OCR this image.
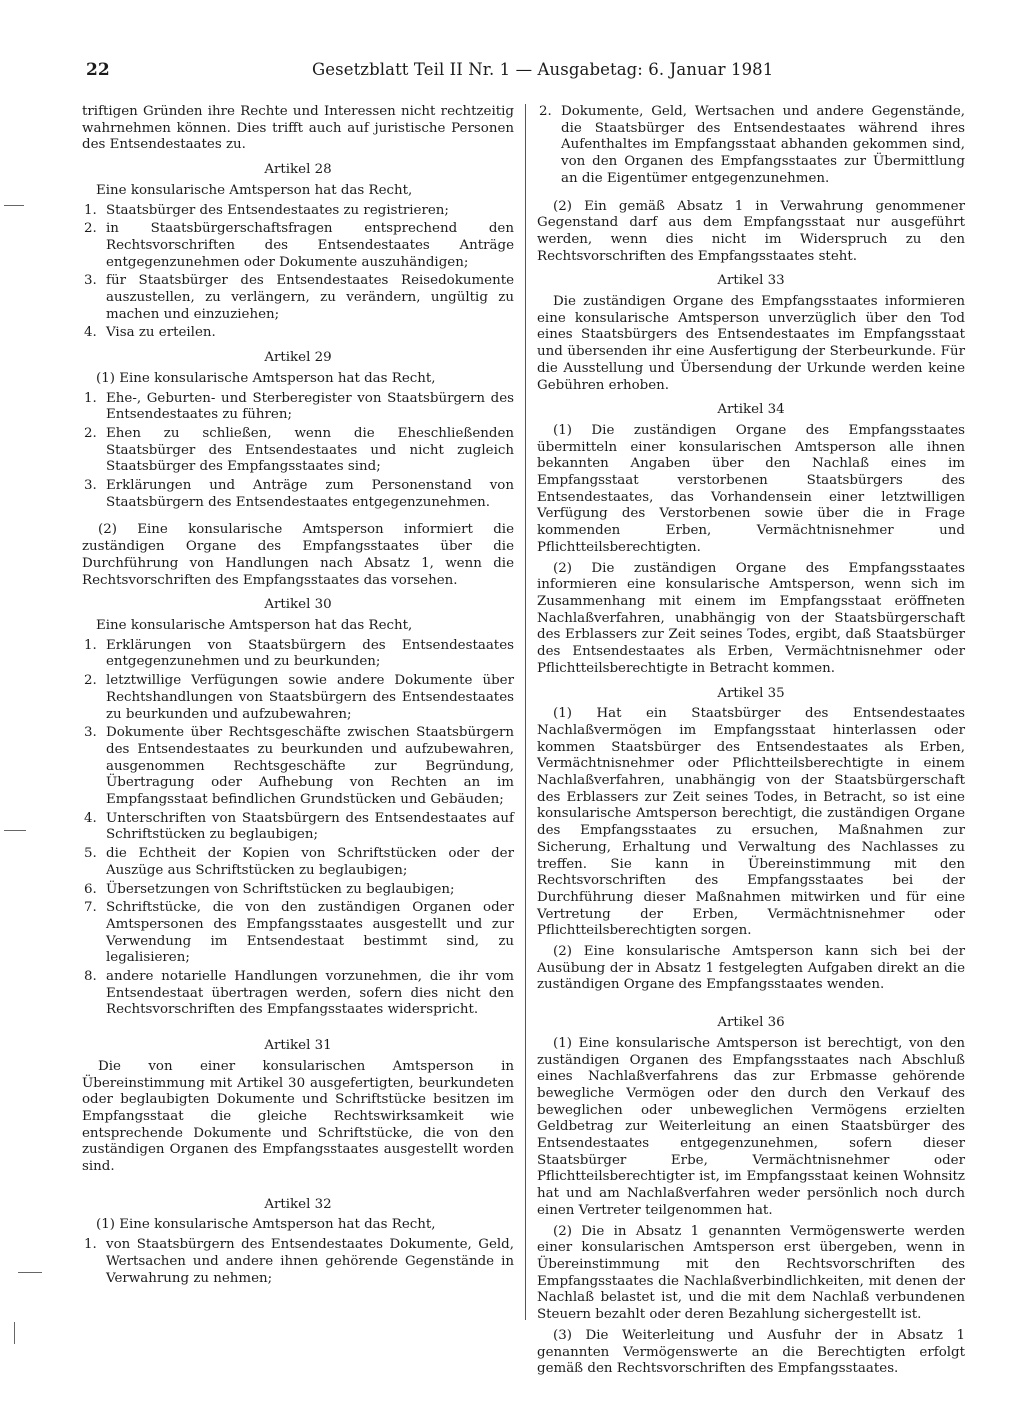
22	Gesetzblatt Teil II Nr. 1 — Ausgabetag: 6. Januar 1981

triftigen Gründen ihre Rechte und Interessen nicht rechtzeitig wahrnehmen können. Dies trifft auch auf juristische Personen des Entsendestaates zu.

Artikel 28

Eine konsularische Amtsperson hat das Recht,

1. Staatsbürger des Entsendestaates zu registrieren;
2. in Staatsbürgerschaftsfragen entsprechend den Rechtsvorschriften des Entsendestaates Anträge entgegenzunehmen oder Dokumente auszuhändigen;
3. für Staatsbürger des Entsendestaates Reisedokumente auszustellen, zu verlängern, zu verändern, ungültig zu machen und einzuziehen;
4. Visa zu erteilen.

Artikel 29

(1) Eine konsularische Amtsperson hat das Recht,

1. Ehe-, Geburten- und Sterberegister von Staatsbürgern des Entsendestaates zu führen;
2. Ehen zu schließen, wenn die Eheschließenden Staatsbürger des Entsendestaates und nicht zugleich Staatsbürger des Empfangsstaates sind;
3. Erklärungen und Anträge zum Personenstand von Staatsbürgern des Entsendestaates entgegenzunehmen.

(2) Eine konsularische Amtsperson informiert die zuständigen Organe des Empfangsstaates über die Durchführung von Handlungen nach Absatz 1, wenn die Rechtsvorschriften des Empfangsstaates das vorsehen.

Artikel 30

Eine konsularische Amtsperson hat das Recht,

1. Erklärungen von Staatsbürgern des Entsendestaates entgegenzunehmen und zu beurkunden;
2. letztwillige Verfügungen sowie andere Dokumente über Rechtshandlungen von Staatsbürgern des Entsendestaates zu beurkunden und aufzubewahren;
3. Dokumente über Rechtsgeschäfte zwischen Staatsbürgern des Entsendestaates zu beurkunden und aufzubewahren, ausgenommen Rechtsgeschäfte zur Begründung, Übertragung oder Aufhebung von Rechten an im Empfangsstaat befindlichen Grundstücken und Gebäuden;
4. Unterschriften von Staatsbürgern des Entsendestaates auf Schriftstücken zu beglaubigen;
5. die Echtheit der Kopien von Schriftstücken oder der Auszüge aus Schriftstücken zu beglaubigen;
6. Übersetzungen von Schriftstücken zu beglaubigen;
7. Schriftstücke, die von den zuständigen Organen oder Amtspersonen des Empfangsstaates ausgestellt und zur Verwendung im Entsendestaat bestimmt sind, zu legalisieren;
8. andere notarielle Handlungen vorzunehmen, die ihr vom Entsendestaat übertragen werden, sofern dies nicht den Rechtsvorschriften des Empfangsstaates widerspricht.

Artikel 31

Die von einer konsularischen Amtsperson in Übereinstimmung mit Artikel 30 ausgefertigten, beurkundeten oder beglaubigten Dokumente und Schriftstücke besitzen im Empfangsstaat die gleiche Rechtswirksamkeit wie entsprechende Dokumente und Schriftstücke, die von den zuständigen Organen des Empfangsstaates ausgestellt worden sind.

Artikel 32

(1) Eine konsularische Amtsperson hat das Recht,

1. von Staatsbürgern des Entsendestaates Dokumente, Geld, Wertsachen und andere ihnen gehörende Gegenstände in Verwahrung zu nehmen;
2. Dokumente, Geld, Wertsachen und andere Gegenstände, die Staatsbürger des Entsendestaates während ihres Aufenthaltes im Empfangsstaat abhanden gekommen sind, von den Organen des Empfangsstaates zur Übermittlung an die Eigentümer entgegenzunehmen.

(2) Ein gemäß Absatz 1 in Verwahrung genommener Gegenstand darf aus dem Empfangsstaat nur ausgeführt werden, wenn dies nicht im Widerspruch zu den Rechtsvorschriften des Empfangsstaates steht.

Artikel 33

Die zuständigen Organe des Empfangsstaates informieren eine konsularische Amtsperson unverzüglich über den Tod eines Staatsbürgers des Entsendestaates im Empfangsstaat und übersenden ihr eine Ausfertigung der Sterbeurkunde. Für die Ausstellung und Übersendung der Urkunde werden keine Gebühren erhoben.

Artikel 34

(1) Die zuständigen Organe des Empfangsstaates übermitteln einer konsularischen Amtsperson alle ihnen bekannten Angaben über den Nachlaß eines im Empfangsstaat verstorbenen Staatsbürgers des Entsendestaates, das Vorhandensein einer letztwilligen Verfügung des Verstorbenen sowie über die in Frage kommenden Erben, Vermächtnisnehmer und Pflichtteilsberechtigten.

(2) Die zuständigen Organe des Empfangsstaates informieren eine konsularische Amtsperson, wenn sich im Zusammenhang mit einem im Empfangsstaat eröffneten Nachlaßverfahren, unabhängig von der Staatsbürgerschaft des Erblassers zur Zeit seines Todes, ergibt, daß Staatsbürger des Entsendestaates als Erben, Vermächtnisnehmer oder Pflichtteilsberechtigte in Betracht kommen.

Artikel 35

(1) Hat ein Staatsbürger des Entsendestaates Nachlaßvermögen im Empfangsstaat hinterlassen oder kommen Staatsbürger des Entsendestaates als Erben, Vermächtnisnehmer oder Pflichtteilsberechtigte in einem Nachlaßverfahren, unabhängig von der Staatsbürgerschaft des Erblassers zur Zeit seines Todes, in Betracht, so ist eine konsularische Amtsperson berechtigt, die zuständigen Organe des Empfangsstaates zu ersuchen, Maßnahmen zur Sicherung, Erhaltung und Verwaltung des Nachlasses zu treffen. Sie kann in Übereinstimmung mit den Rechtsvorschriften des Empfangsstaates bei der Durchführung dieser Maßnahmen mitwirken und für eine Vertretung der Erben, Vermächtnisnehmer oder Pflichtteilsberechtigten sorgen.

(2) Eine konsularische Amtsperson kann sich bei der Ausübung der in Absatz 1 festgelegten Aufgaben direkt an die zuständigen Organe des Empfangsstaates wenden.

Artikel 36

(1) Eine konsularische Amtsperson ist berechtigt, von den zuständigen Organen des Empfangsstaates nach Abschluß eines Nachlaßverfahrens das zur Erbmasse gehörende bewegliche Vermögen oder den durch den Verkauf des beweglichen oder unbeweglichen Vermögens erzielten Geldbetrag zur Weiterleitung an einen Staatsbürger des Entsendestaates entgegenzunehmen, sofern dieser Staatsbürger Erbe, Vermächtnisnehmer oder Pflichtteilsberechtigter ist, im Empfangsstaat keinen Wohnsitz hat und am Nachlaßverfahren weder persönlich noch durch einen Vertreter teilgenommen hat.

(2) Die in Absatz 1 genannten Vermögenswerte werden einer konsularischen Amtsperson erst übergeben, wenn in Übereinstimmung mit den Rechtsvorschriften des Empfangsstaates die Nachlaßverbindlichkeiten, mit denen der Nachlaß belastet ist, und die mit dem Nachlaß verbundenen Steuern bezahlt oder deren Bezahlung sichergestellt ist.

(3) Die Weiterleitung und Ausfuhr der in Absatz 1 genannten Vermögenswerte an die Berechtigten erfolgt gemäß den Rechtsvorschriften des Empfangsstaates.
